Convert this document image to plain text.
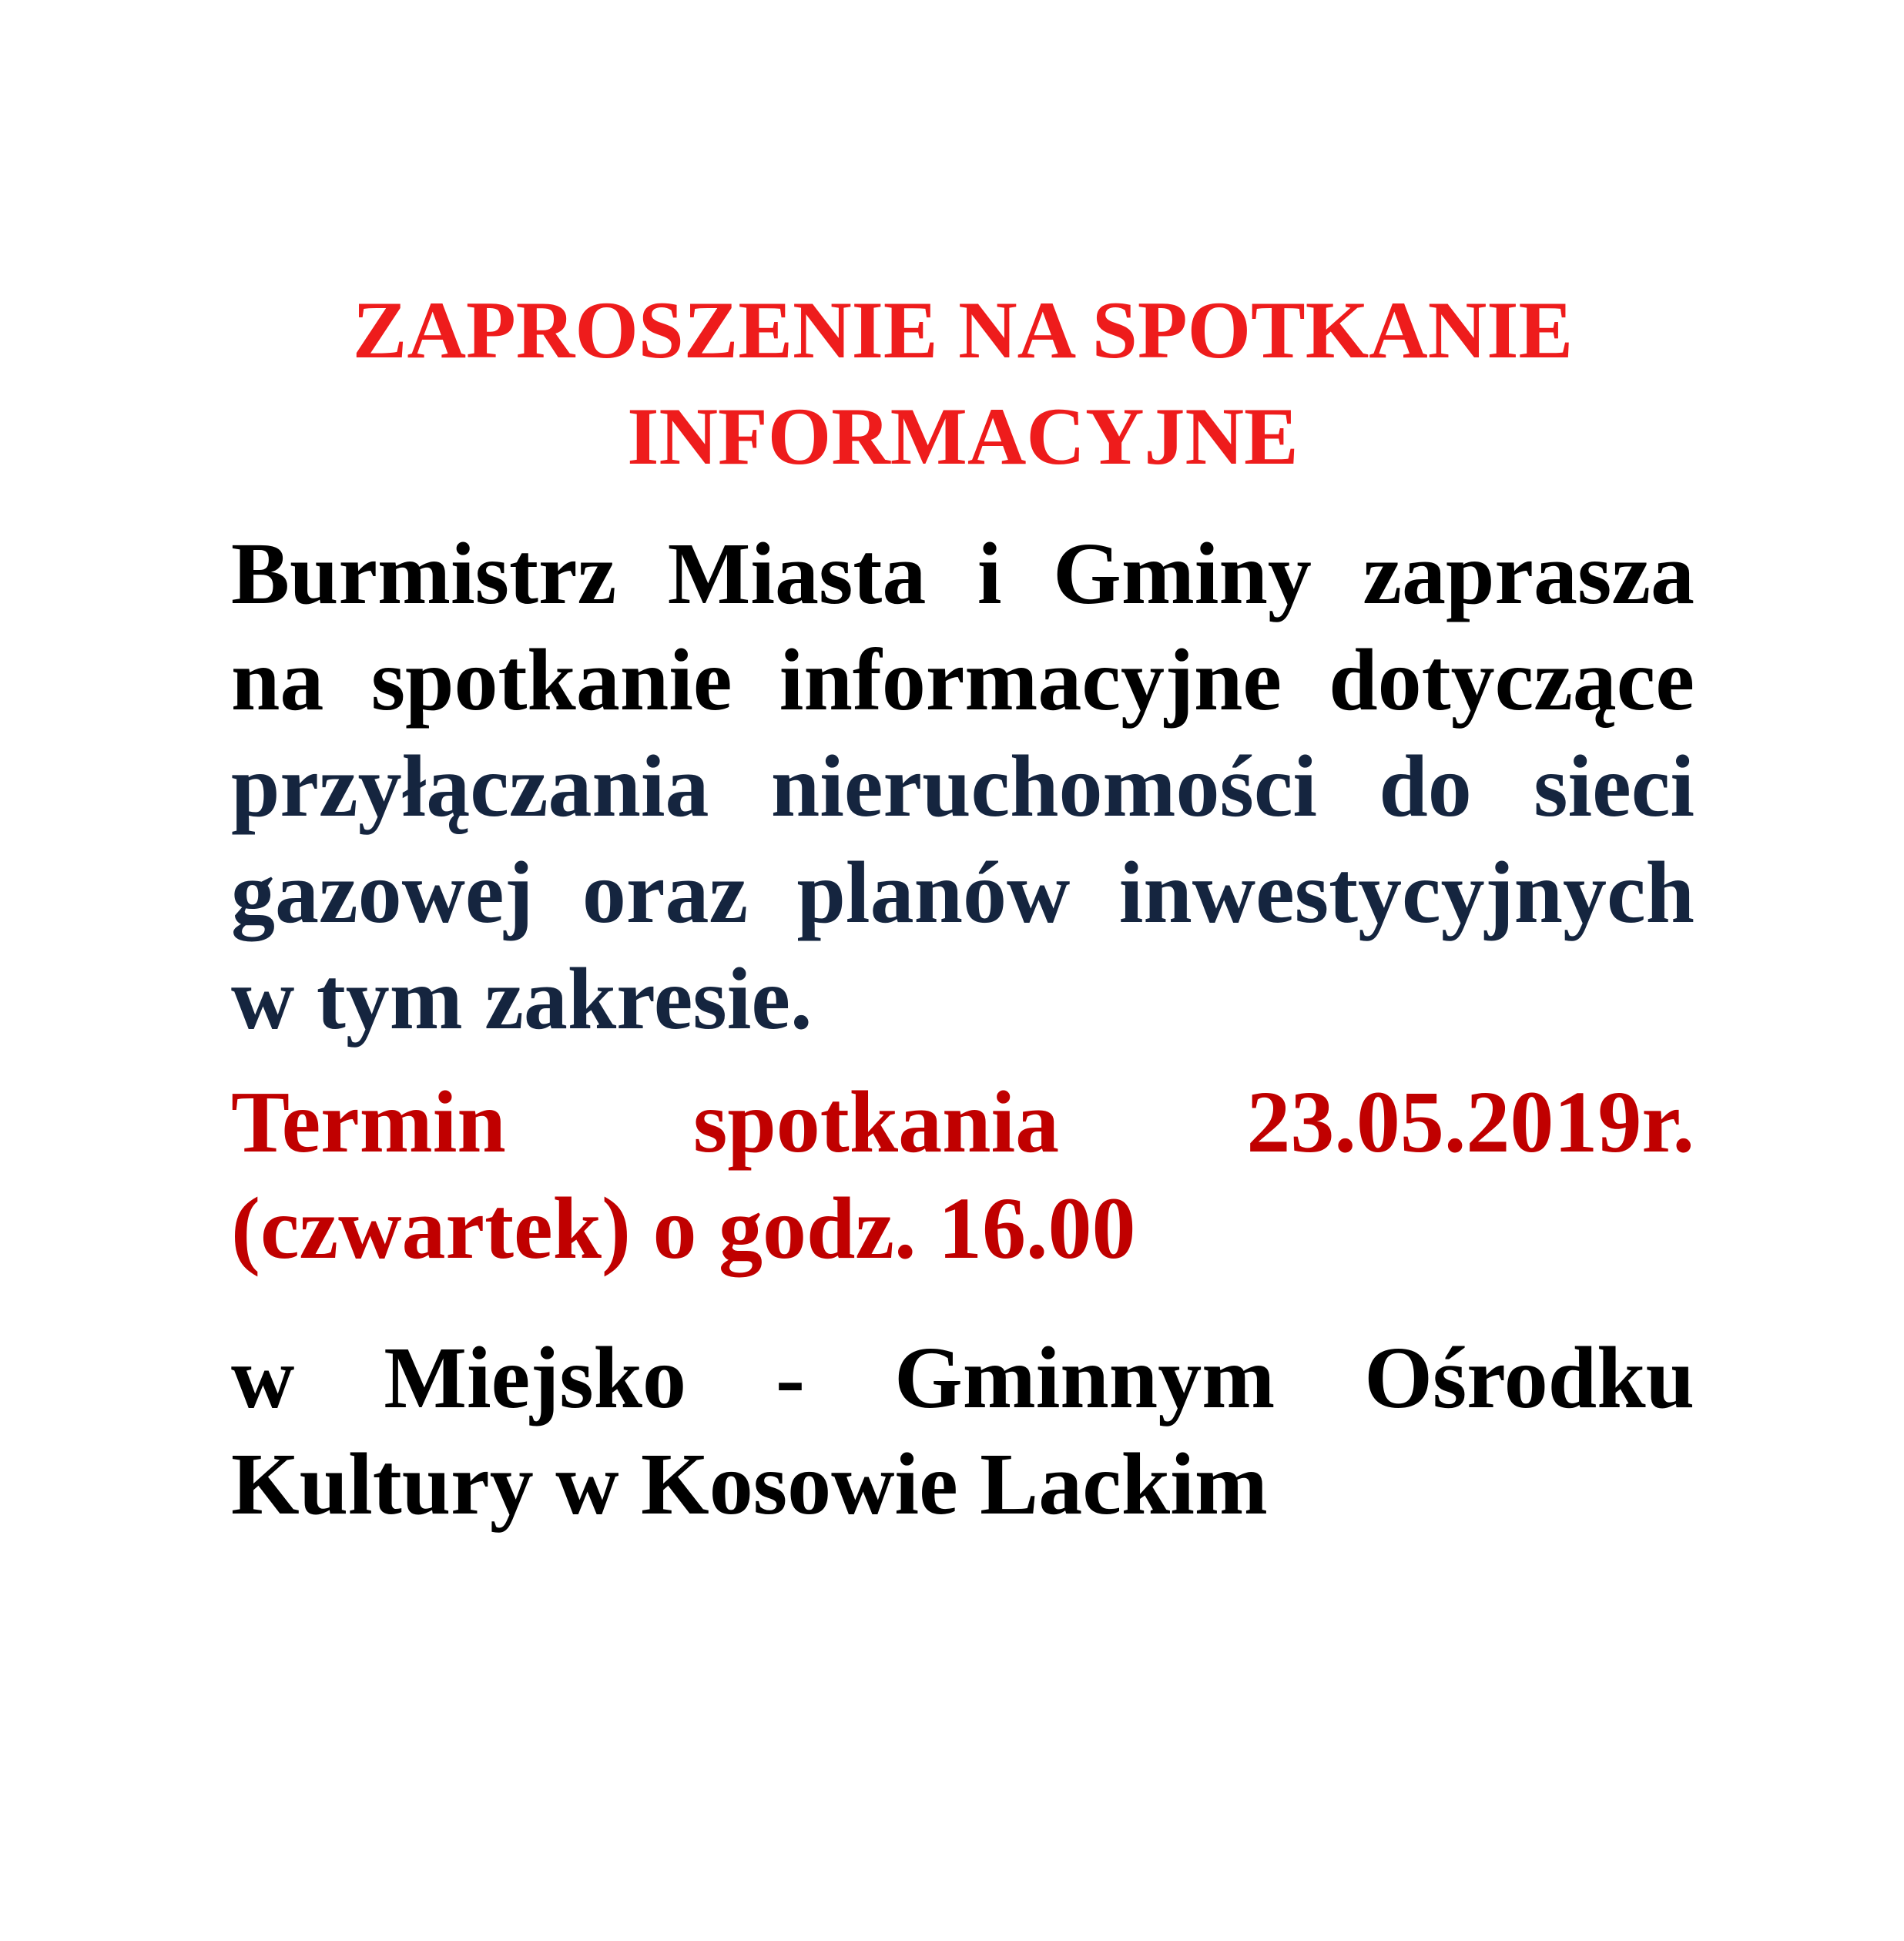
ZAPROSZENIE NA SPOTKANIE
INFORMACYJNE

Burmistrz Miasta i Gminy zaprasza
na spotkanie informacyjne dotyczące
przyłączania nieruchomości do sieci
gazowej oraz planów inwestycyjnych
w tym zakresie.

Termin spotkania 23.05.2019r.
(czwartek) o godz. 16.00

w Miejsko - Gminnym Ośrodku
Kultury w Kosowie Lackim
